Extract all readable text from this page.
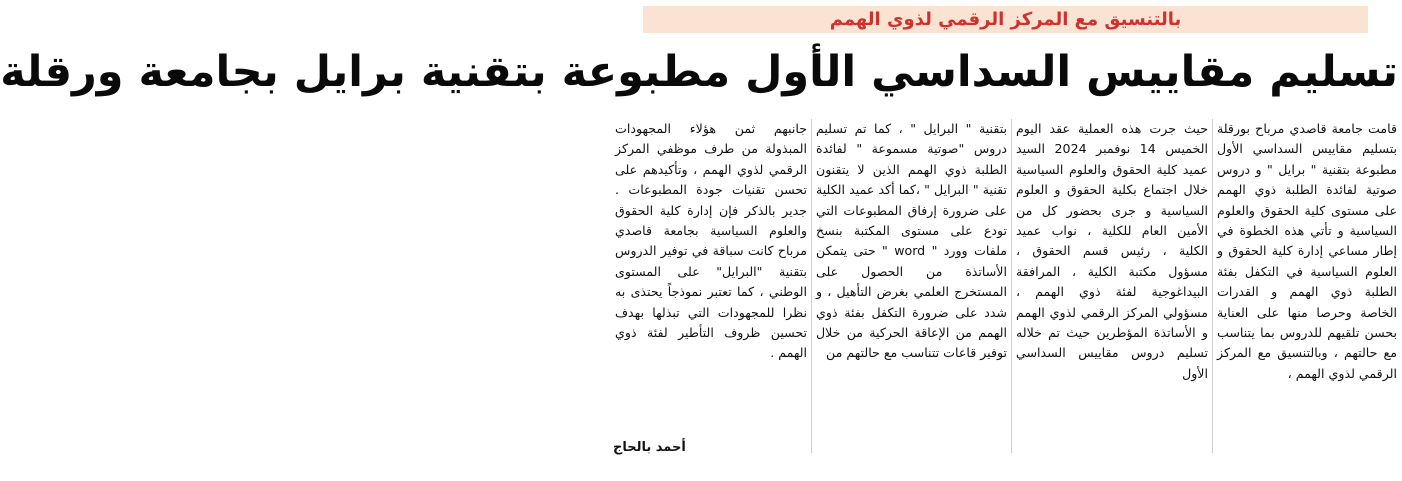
بالتنسيق مع المركز الرقمي لذوي الهمم
تسليم مقاييس السداسي الأول مطبوعة بتقنية برايل بجامعة ورقلة

قامت جامعة قاصدي مرباح بورقلة بتسليم مقاييس السداسي الأول مطبوعة بتقنية " برايل " و دروس صوتية لفائدة الطلبة ذوي الهمم على مستوى كلية الحقوق والعلوم السياسية و تأتي هذه الخطوة في إطار مساعي إدارة كلية الحقوق و العلوم السياسية في التكفل بفئة الطلبة ذوي الهمم و القدرات الخاصة وحرصا منها على العناية بحسن تلقيهم للدروس بما يتناسب مع حالتهم ، وبالتنسيق مع المركز الرقمي لذوي الهمم ،

حيث جرت هذه العملية عقد اليوم الخميس 14 نوفمبر 2024 السيد عميد كلية الحقوق والعلوم السياسية خلال اجتماع بكلية الحقوق و العلوم السياسية و جرى بحضور كل من الأمين العام للكلية ، نواب عميد الكلية ، رئيس قسم الحقوق ، مسؤول مكتبة الكلية ، المرافقة البيداغوجية لفئة ذوي الهمم ، مسؤولي المركز الرقمي لذوي الهمم و الأساتذة المؤطرين حيث تم خلاله تسليم دروس مقاييس السداسي الأول

بتقنية " البرايل " ، كما تم تسليم دروس "صوتية مسموعة " لفائدة الطلبة ذوي الهمم الذين لا يتقنون تقنية " البرايل " ،كما أكد عميد الكلية على ضرورة إرفاق المطبوعات التي تودع على مستوى المكتبة بنسخ ملفات وورد " word " حتى يتمكن الأساتذة من الحصول على المستخرج العلمي بغرض التأهيل ، و شدد على ضرورة التكفل بفئة ذوي الهمم من الإعاقة الحركية من خلال توفير قاعات تتناسب مع حالتهم من

جانبهم ثمن هؤلاء المجهودات المبذولة من طرف موظفي المركز الرقمي لذوي الهمم ، وتأكيدهم على تحسن تقنيات جودة المطبوعات . جدير بالذكر فإن إدارة كلية الحقوق والعلوم السياسية بجامعة قاصدي مرباح كانت سباقة في توفير الدروس بتقنية "البرايل" على المستوى الوطني ، كما تعتبر نموذجاً يحتذى به نظرا للمجهودات التي تبذلها بهدف تحسين ظروف التأطير لفئة ذوي الهمم .

أحمد بالحاج
